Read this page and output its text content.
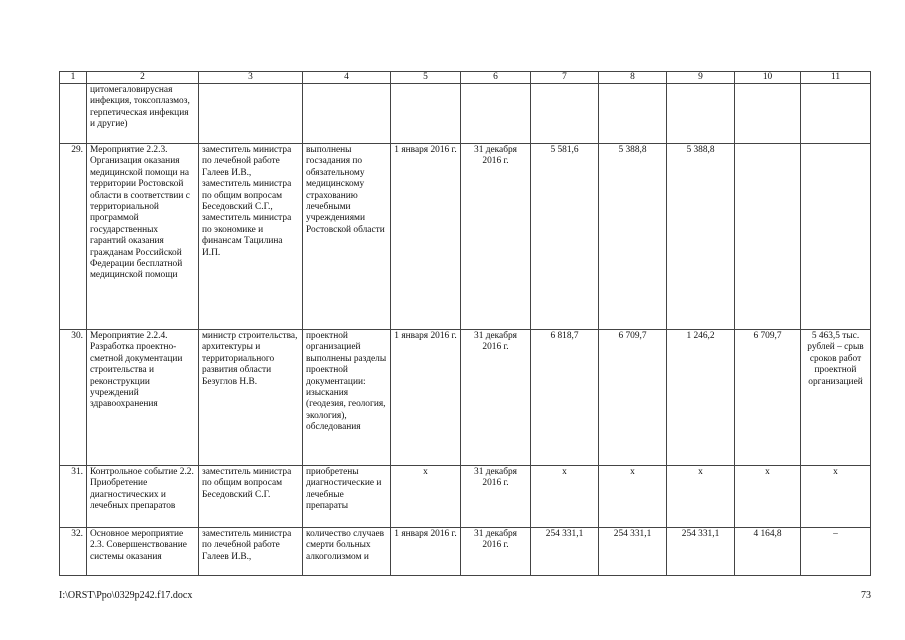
1	2	3	4	5	6	7	8	9	10	11
	цитомегаловирусная инфекция, токсоплазмоз, герпетическая инфекция и другие)									
29.	Мероприятие 2.2.3. Организация оказания медицинской помощи на территории Ростовской области в соответствии с территориальной программой государственных гарантий оказания гражданам Российской Федерации бесплатной медицинской помощи	заместитель министра по лечебной работе Галеев И.В., заместитель министра по общим вопросам Беседовский С.Г., заместитель министра по экономике и финансам Тацилина И.П.	выполнены госзадания по обязательному медицинскому страхованию лечебными учреждениями Ростовской области	1 января 2016 г.	31 декабря 2016 г.	5 581,6	5 388,8	5 388,8		
30.	Мероприятие 2.2.4. Разработка проектно-сметной документации строительства и реконструкции учреждений здравоохранения	министр строительства, архитектуры и территориального развития области Безуглов Н.В.	проектной организацией выполнены разделы проектной документации: изыскания (геодезия, геология, экология), обследования	1 января 2016 г.	31 декабря 2016 г.	6 818,7	6 709,7	1 246,2	6 709,7	5 463,5 тыс. рублей – срыв сроков работ проектной организацией
31.	Контрольное событие 2.2. Приобретение диагностических и лечебных препаратов	заместитель министра по общим вопросам Беседовский С.Г.	приобретены диагностические и лечебные препараты	х	31 декабря 2016 г.	х	х	х	х	х
32.	Основное мероприятие 2.3. Совершенствование системы оказания	заместитель министра по лечебной работе Галеев И.В.,	количество случаев смерти больных алкоголизмом и	1 января 2016 г.	31 декабря 2016 г.	254 331,1	254 331,1	254 331,1	4 164,8	–
I:\ORST\Ppo\0329p242.f17.docx	73
